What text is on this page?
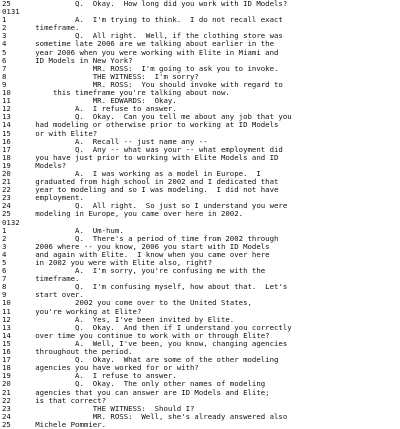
25	Q.  Okay.  How long did you work with ID Models?
0131
1	A.  I'm trying to think.  I do not recall exact
2	timeframe.
3	Q.  All right.  Well, if the clothing store was
4	sometime late 2006 are we talking about earlier in the
5	year 2006 when you were working with Elite in Miami and
6	ID Models in New York?
7	MR. ROSS:  I'm going to ask you to invoke.
8	THE WITNESS:  I'm sorry?
9	MR. ROSS:  You should invoke with regard to
10	this timeframe you're talking about now.
11	MR. EDWARDS:  Okay.
12	A.  I refuse to answer.
13	Q.  Okay.  Can you tell me about any job that you
14	had modeling or otherwise prior to working at ID Models
15	or with Elite?
16	A.  Recall -- just name any --
17	Q.  Any -- what was your -- what employment did
18	you have just prior to working with Elite Models and ID
19	Models?
20	A.  I was working as a model in Europe.  I
21	graduated from high school in 2002 and I dedicated that
22	year to modeling and so I was modeling.  I did not have
23	employment.
24	Q.  All right.  So just so I understand you were
25	modeling in Europe, you came over here in 2002.
0132
1	A.  Um-hum.
2	Q.  There's a period of time from 2002 through
3	2006 where -- you know, 2006 you start with ID Models
4	and again with Elite.  I know when you came over here
5	in 2002 you were with Elite also, right?
6	A.  I'm sorry, you're confusing me with the
7	timeframe.
8	Q.  I'm confusing myself, how about that.  Let's
9	start over.
10	2002 you come over to the United States,
11	you're working at Elite?
12	A.  Yes, I've been invited by Elite.
13	Q.  Okay.  And then if I understand you correctly
14	over time you continue to work with or through Elite?
15	A.  Well, I've been, you know, changing agencies
16	throughout the period.
17	Q.  Okay.  What are some of the other modeling
18	agencies you have worked for or with?
19	A.  I refuse to answer.
20	Q.  Okay.  The only other names of modeling
21	agencies that you can answer are ID Models and Elite;
22	is that correct?
23	THE WITNESS:  Should I?
24	MR. ROSS:  Well, she's already answered also
25	Michele Pommier.
